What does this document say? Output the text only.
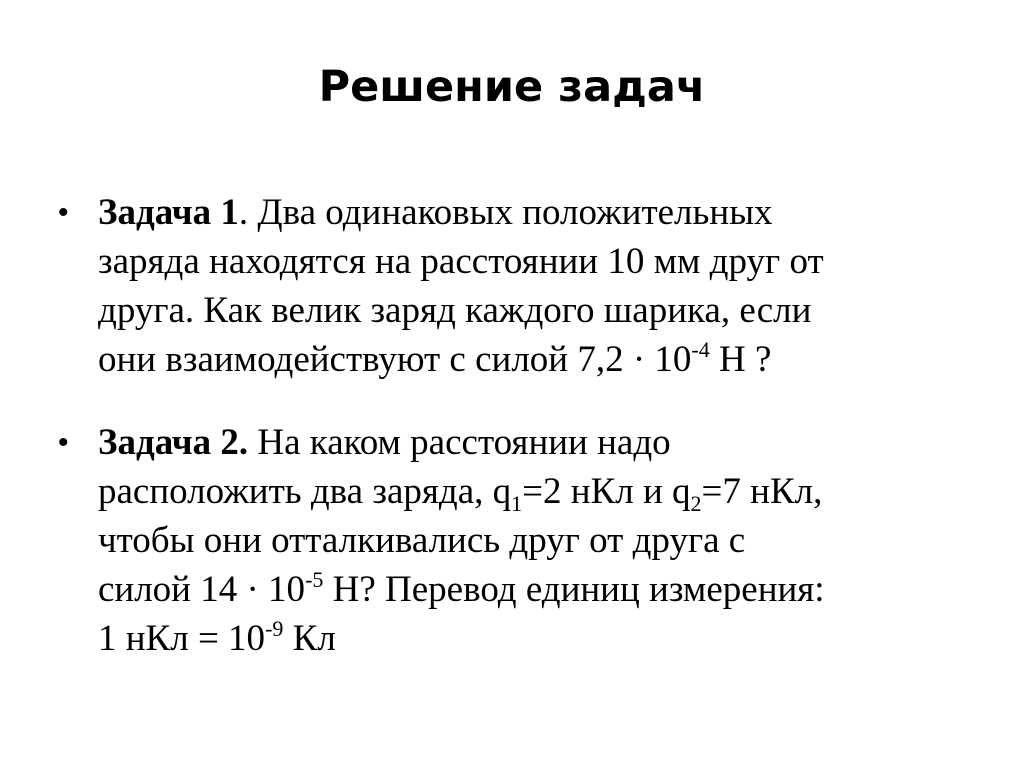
Решение задач
• Задача 1. Два одинаковых положительных
заряда находятся на расстоянии 10 мм друг от
друга. Как велик заряд каждого шарика, если
они взаимодействуют с силой $7,2 \cdot 10^{-4}$ Н ?
• Задача 2. На каком расстоянии надо
расположить два заряда, $q_1=2$ нКл и $q_2=7$ нКл,
чтобы они отталкивались друг от друга с
силой $14 \cdot 10^{-5}$ Н? Перевод единиц измерения:
1 нКл = $10^{-9}$ Кл
